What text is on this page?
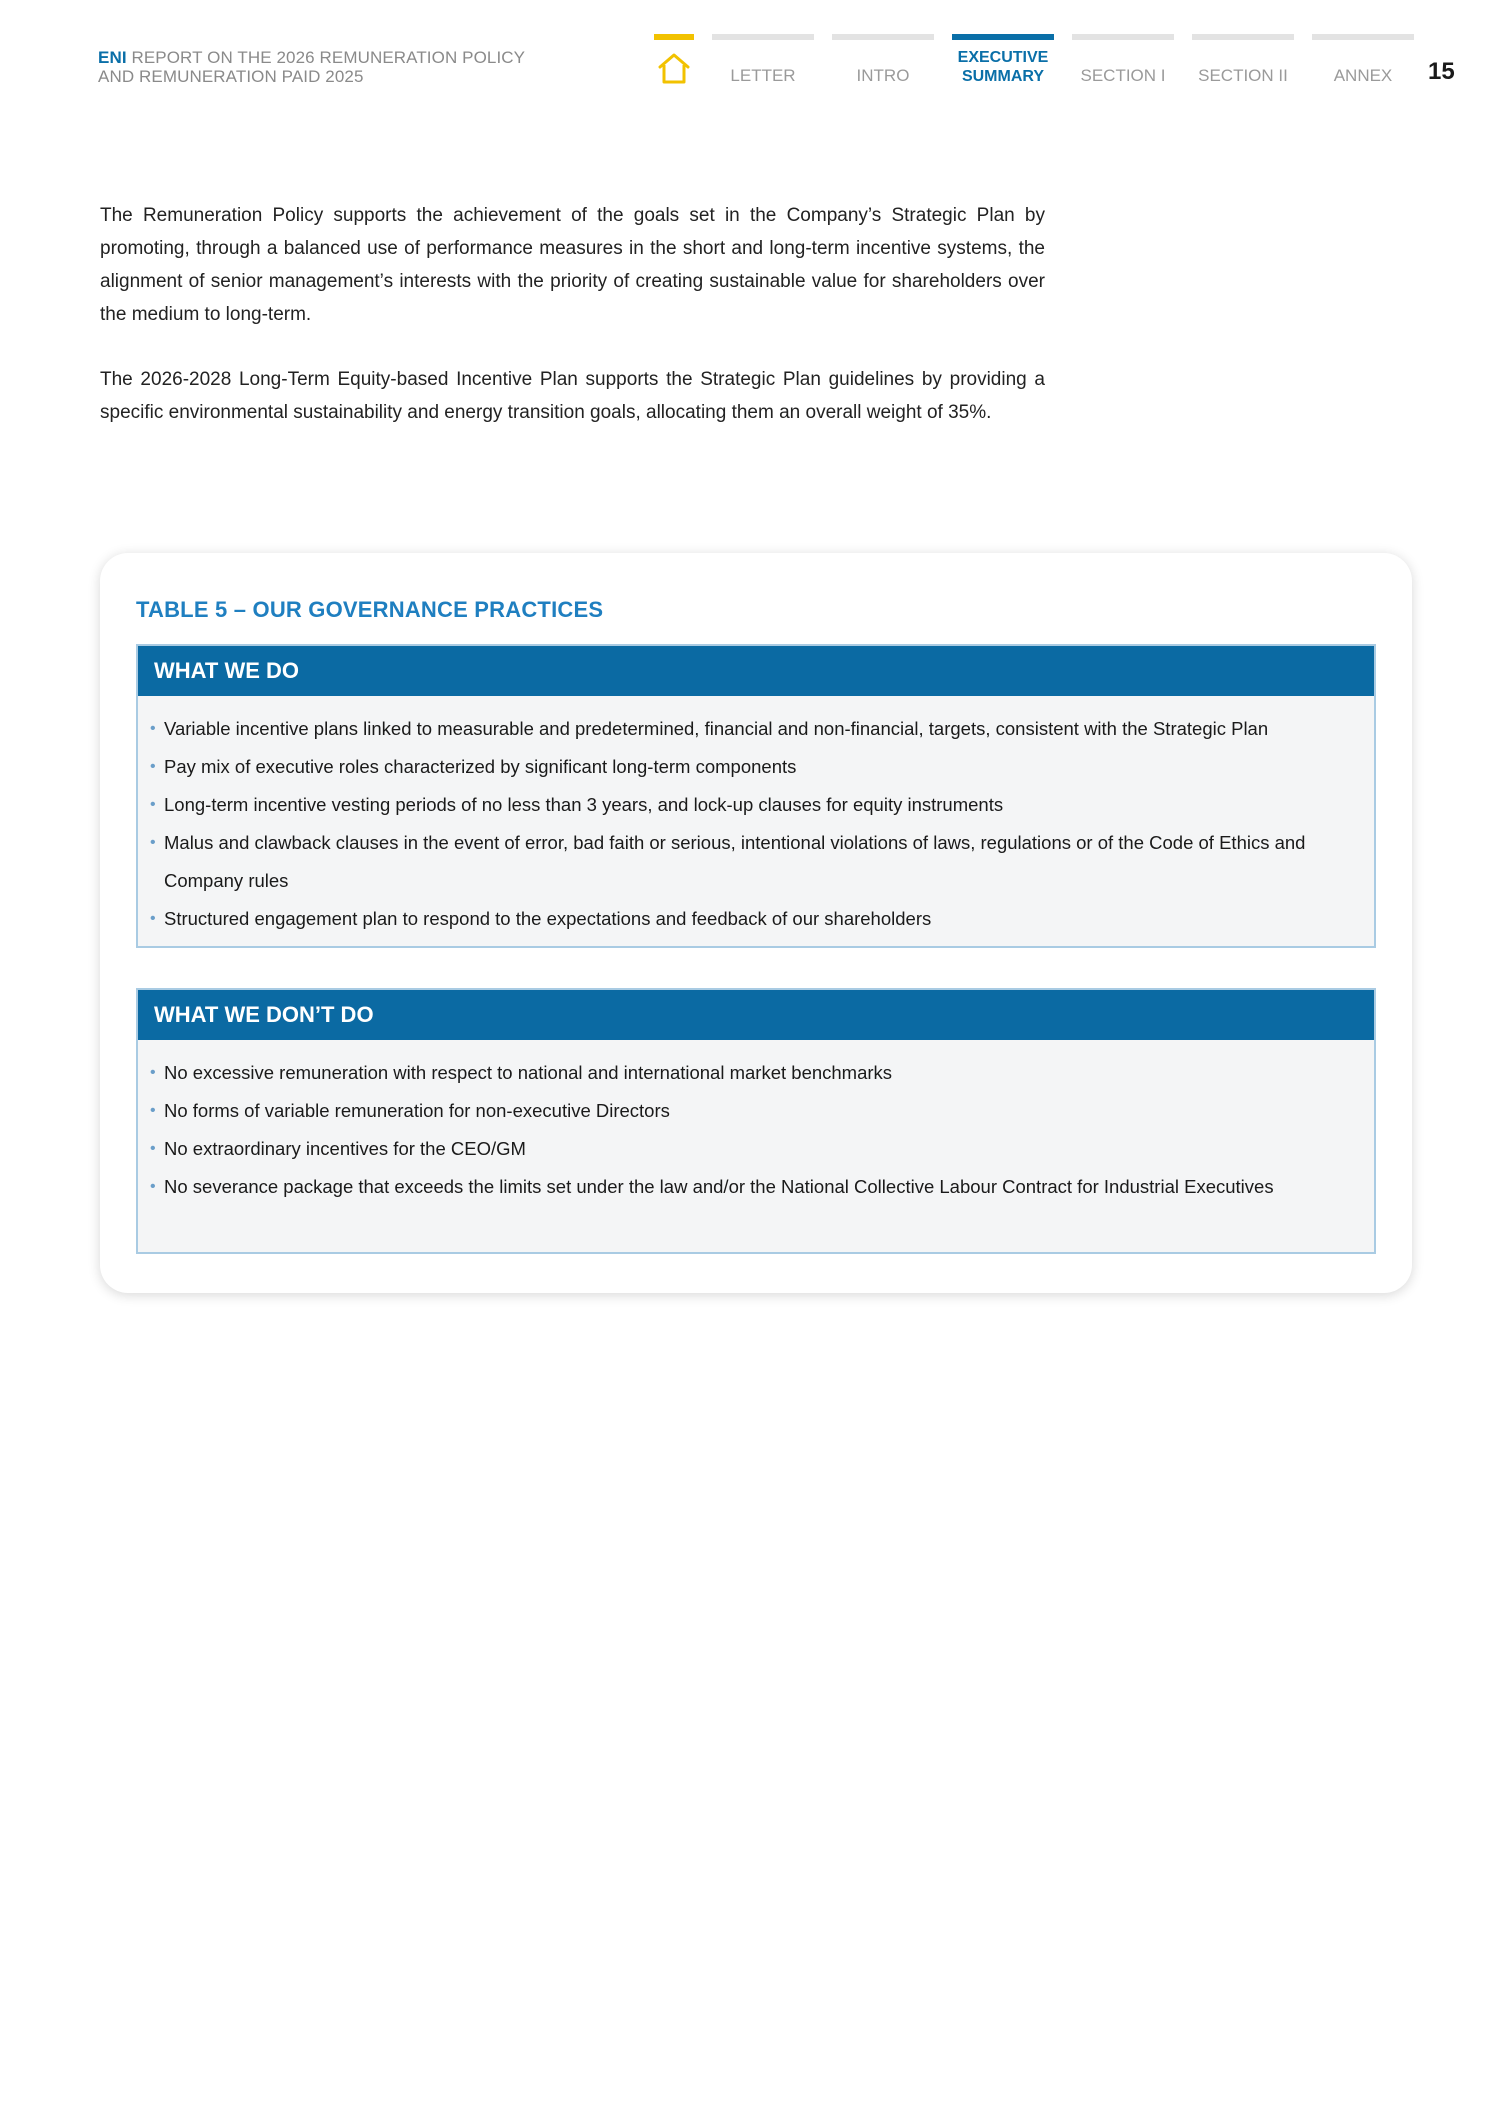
ENI REPORT ON THE 2026 REMUNERATION POLICY
AND REMUNERATION PAID 2025	LETTER	INTRO
EXECUTIVE SUMMARY	SECTION I	SECTION II	ANNEX	15

The Remuneration Policy supports the achievement of the goals set in the Company’s Strategic Plan by promoting, through a balanced use of performance measures in the short and long-term incentive systems, the alignment of senior management’s interests with the priority of creating sustainable value for shareholders over the medium to long-term.

The 2026-2028 Long-Term Equity-based Incentive Plan supports the Strategic Plan guidelines by providing a specific environmental sustainability and energy transition goals, allocating them an overall weight of 35%.

TABLE 5 – OUR GOVERNANCE PRACTICES
WHAT WE DO
• Variable incentive plans linked to measurable and predetermined, financial and non-financial, targets, consistent with the Strategic Plan
• Pay mix of executive roles characterized by significant long-term components
• Long-term incentive vesting periods of no less than 3 years, and lock-up clauses for equity instruments
• Malus and clawback clauses in the event of error, bad faith or serious, intentional violations of laws, regulations or of the Code of Ethics and Company rules
• Structured engagement plan to respond to the expectations and feedback of our shareholders
WHAT WE DON’T DO
• No excessive remuneration with respect to national and international market benchmarks
• No forms of variable remuneration for non-executive Directors
• No extraordinary incentives for the CEO/GM
• No severance package that exceeds the limits set under the law and/or the National Collective Labour Contract for Industrial Executives
